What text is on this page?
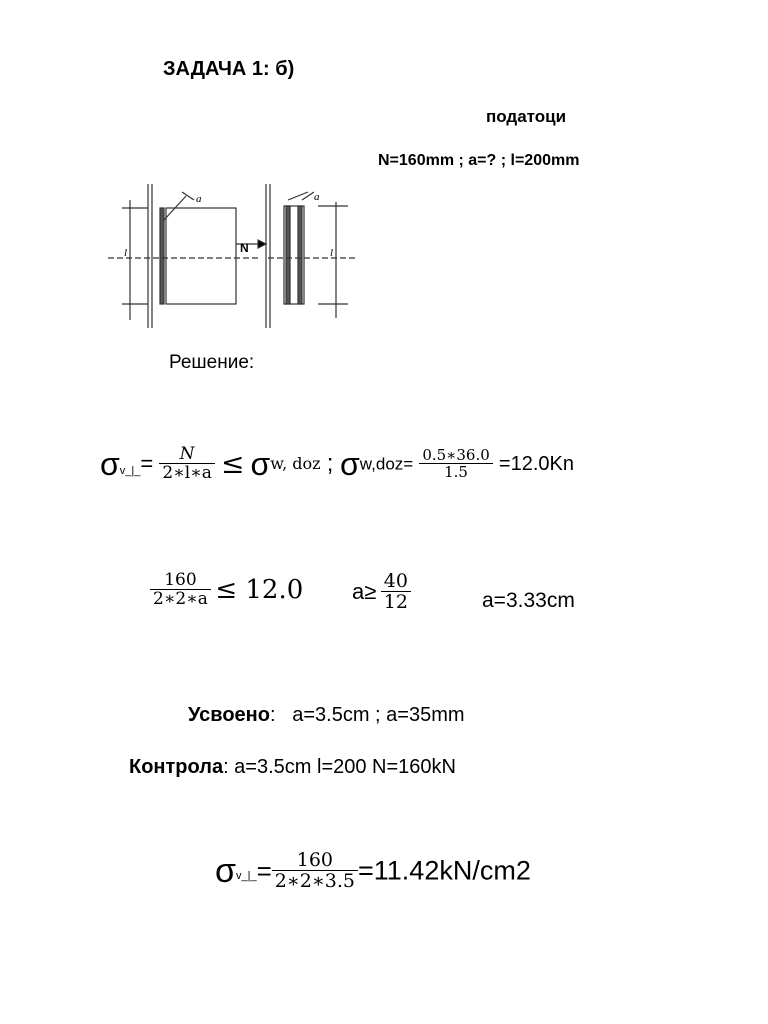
ЗАДАЧА 1: б)
податоци
N=160mm ; a=? ; l=200mm
a	a
N
l	l
Решение:
$\sigma_{v\_|\_}= \frac{N}{2∗l∗a} \le \sigma w$, doz ; $\sigma w,doz= \frac{0.5∗36.0}{1.5} =12.0Kn$
$\frac{160}{2∗2∗a} \le 12.0$ $a\ge \frac{40}{12}$	a=3.33cm
Усвоено: a=3.5cm ; a=35mm
Контрола: a=3.5cm l=200 N=160kN
$\sigma_{v\_|\_}= \frac{160}{2∗2∗3.5} =11.42kN/cm2$
